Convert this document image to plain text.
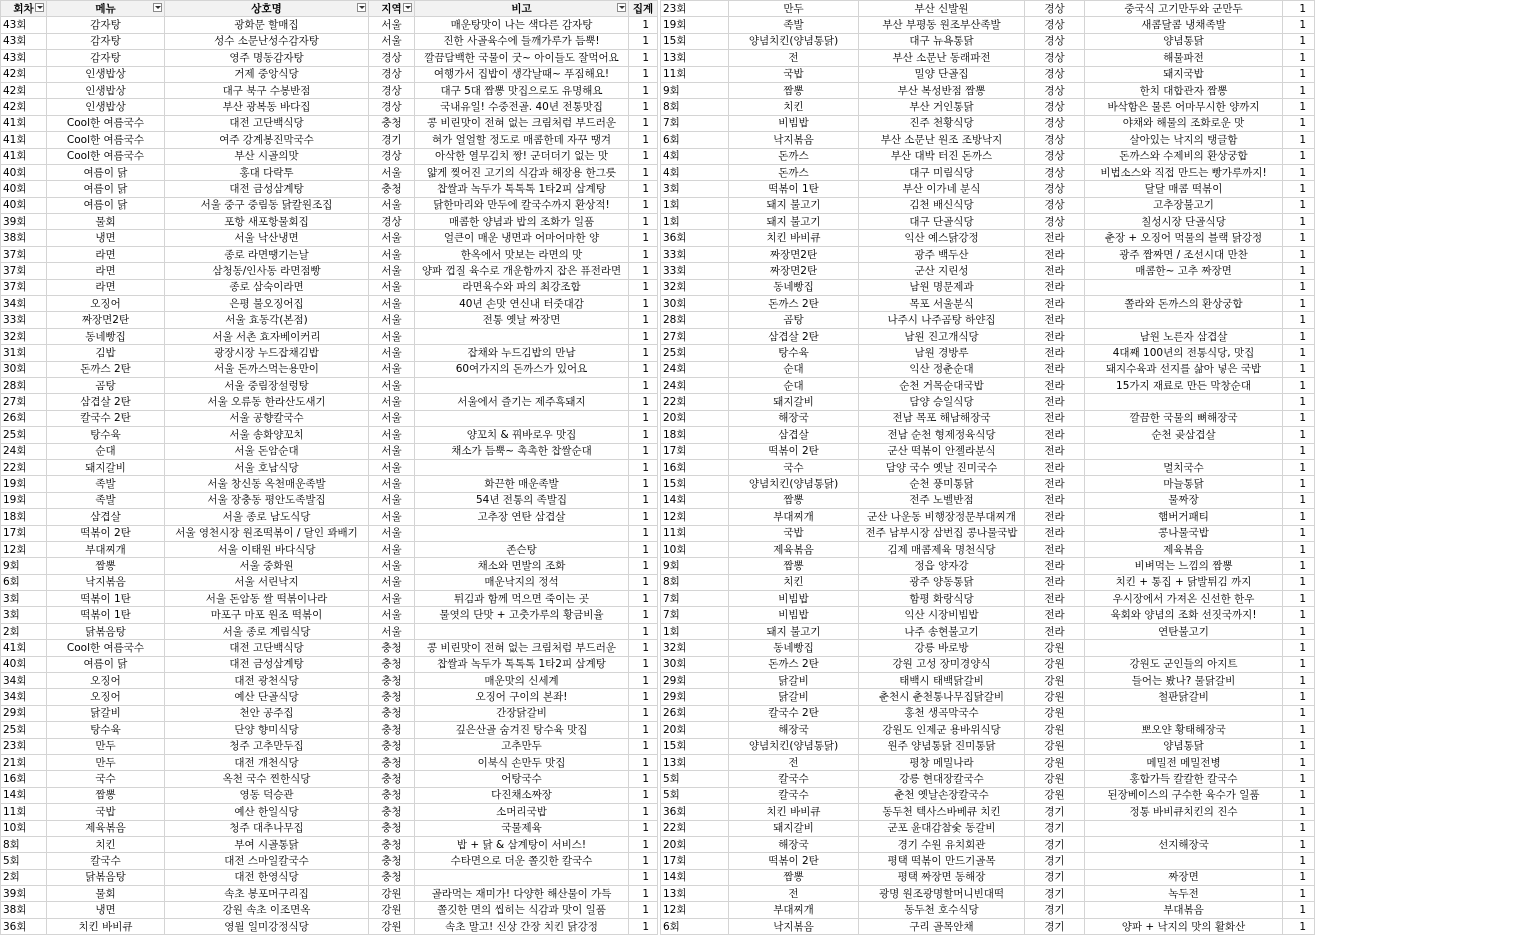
회차	메뉴	상호명	지역	비고	집계
43회	감자탕	광화문 할매집	서울	매운탕맛이 나는 색다른 감자탕	1
43회	감자탕	성수 소문난성수감자탕	서울	진한 사골육수에 들깨가루가 듬뿍!	1
43회	감자탕	영주 명동감자탕	경상	깔끔담백한 국물이 굿~ 아이들도 잘먹어요	1
42회	인생밥상	거제 중앙식당	경상	여행가서 집밥이 생각날때~ 푸짐해요!	1
42회	인생밥상	대구 북구 수봉반점	경상	대구 5대 짬뽕 맛집으로도 유명해요	1
42회	인생밥상	부산 광복동 바다집	경상	국내유일! 수중전골. 40년 전통맛집	1
41회	Cool한 여름국수	대전 고단백식당	충청	콩 비린맛이 전혀 없는 크림처럼 부드러운	1
41회	Cool한 여름국수	여주 강계봉진막국수	경기	혀가 얼얼할 정도로 매콤한데 자꾸 땡겨	1
41회	Cool한 여름국수	부산 시골의맛	경상	아삭한 열무김치 짱! 군더더기 없는 맛	1
40회	여름이 닭	홍대 다락투	서울	얇게 찢어진 고기의 식감과 해장용 한그릇	1
40회	여름이 닭	대전 금성삼계탕	충청	찹쌀과 녹두가 톡톡톡 1타2피 삼계탕	1
40회	여름이 닭	서울 중구 중림동 닭칼원조집	서울	닭한마리와 만두에 칼국수까지 환상적!	1
39회	물회	포항 새포항물회집	경상	매콤한 양념과 밥의 조화가 일품	1
38회	냉면	서울 낙산냉면	서울	얼큰이 매운 냉면과 어마어마한 양	1
37회	라면	종로 라면땡기는날	서울	한옥에서 맛보는 라면의 맛	1
37회	라면	삼청동/인사동 라면점빵	서울	양파 껍질 육수로 개운함까지 잡은 퓨전라면	1
37회	라면	종로 삼숙이라면	서울	라면육수와 파의 최강조합	1
34회	오징어	은평 불오징어집	서울	40년 손맛 연신내 터줏대감	1
33회	짜장면2탄	서울 효동각(본점)	서울	전통 옛날 짜장면	1
32회	동네빵집	서울 서촌 효자베이커리	서울		1
31회	김밥	광장시장 누드잡채김밥	서울	잡채와 누드김밥의 만남	1
30회	돈까스 2탄	서울 돈까스먹는용만이	서울	60여가지의 돈까스가 있어요	1
28회	곰탕	서울 중림장설렁탕	서울		1
27회	삼겹살 2탄	서울 오류동 한라산도새기	서울	서울에서 즐기는 제주흑돼지	1
26회	칼국수 2탄	서울 공향칼국수	서울		1
25회	탕수육	서울 송화양꼬치	서울	양꼬치 & 꿔바로우 맛집	1
24회	순대	서울 돈암순대	서울	채소가 듬뿍~ 촉촉한 찹쌀순대	1
22회	돼지갈비	서울 호남식당	서울		1
19회	족발	서울 창신동 옥천매운족발	서울	화끈한 매운족발	1
19회	족발	서울 장충동 평안도족발집	서울	54년 전통의 족발집	1
18회	삼겹살	서울 종로 남도식당	서울	고추장 연탄 삼겹살	1
17회	떡볶이 2탄	서울 영천시장 원조떡볶이 / 달인 꽈배기	서울		1
12회	부대찌개	서울 이태원 바다식당	서울	존슨탕	1
9회	짬뽕	서울 중화원	서울	채소와 면발의 조화	1
6회	낙지볶음	서울 서린낙지	서울	매운낙지의 정석	1
3회	떡볶이 1탄	서울 돈암동 쌀 떡볶이나라	서울	튀김과 함께 먹으면 죽이는 곳	1
3회	떡볶이 1탄	마포구 마포 원조 떡볶이	서울	물엿의 단맛 + 고춧가루의 황금비율	1
2회	닭볶음탕	서울 종로 계림식당	서울		1
41회	Cool한 여름국수	대전 고단백식당	충청	콩 비린맛이 전혀 없는 크림처럼 부드러운	1
40회	여름이 닭	대전 금성삼계탕	충청	찹쌀과 녹두가 톡톡톡 1타2피 삼계탕	1
34회	오징어	대전 광천식당	충청	매운맛의 신세계	1
34회	오징어	예산 단골식당	충청	오징어 구이의 본좌!	1
29회	닭갈비	천안 공주집	충청	간장닭갈비	1
25회	탕수육	단양 향미식당	충청	깊은산골 숨겨진 탕수육 맛집	1
23회	만두	청주 고추만두집	충청	고추만두	1
21회	만두	대전 개천식당	충청	이북식 손만두 맛집	1
16회	국수	옥천 국수 찐한식당	충청	어탕국수	1
14회	짬뽕	영동 덕승관	충청	다진채소짜장	1
11회	국밥	예산 한일식당	충청	소머리국밥	1
10회	제육볶음	청주 대추나무집	충청	국물제육	1
8회	치킨	부여 시골통닭	충청	밥 + 닭 & 삼계탕이 서비스!	1
5회	칼국수	대전 스마일칼국수	충청	수타면으로 더운 쫄깃한 칼국수	1
2회	닭볶음탕	대전 한영식당	충청		1
39회	물회	속초 봉포머구리집	강원	골라먹는 재미가! 다양한 해산물이 가득	1
38회	냉면	강원 속초 이조면옥	강원	쫄깃한 면의 씹히는 식감과 맛이 일품	1
36회	치킨 바비큐	영월 일미강정식당	강원	속초 말고! 신상 간장 치킨 닭강정	1
23회	만두	부산 신발원	경상	중국식 고기만두와 군만두	1
19회	족발	부산 부평동 원조부산족발	경상	새콤달콤 냉채족발	1
15회	양념치킨(양념통닭)	대구 뉴욕통닭	경상	양념통닭	1
13회	전	부산 소문난 동래파전	경상	해물파전	1
11회	국밥	밀양 단골집	경상	돼지국밥	1
9회	짬뽕	부산 복성반점 짬뽕	경상	한치 대합관자 짬뽕	1
8회	치킨	부산 거인통닭	경상	바삭함은 물론 어마무시한 양까지	1
7회	비빔밥	진주 천황식당	경상	야채와 해물의 조화로운 맛	1
6회	낙지볶음	부산 소문난 원조 조방낙지	경상	살아있는 낙지의 탱글함	1
4회	돈까스	부산 대박 터진 돈까스	경상	돈까스와 수제비의 환상궁합	1
4회	돈까스	대구 미림식당	경상	비법소스와 직접 만드는 빵가루까지!	1
3회	떡볶이 1탄	부산 이가네 분식	경상	달달 매콤 떡볶이	1
1회	돼지 불고기	김천 배신식당	경상	고추장불고기	1
1회	돼지 불고기	대구 단골식당	경상	칠성시장 단골식당	1
36회	치킨 바비큐	익산 예스닭강정	전라	춘장 + 오징어 먹물의 블랙 닭강정	1
33회	짜장면2탄	광주 백두산	전라	광주 짬짜면 / 조선시대 만찬	1
33회	짜장면2탄	군산 지린성	전라	매콤한~ 고추 짜장면	1
32회	동네빵집	남원 명문제과	전라		1
30회	돈까스 2탄	목포 서울분식	전라	쫄라와 돈까스의 환상궁합	1
28회	곰탕	나주시 나주곰탕 하얀집	전라		1
27회	삼겹살 2탄	남원 진고개식당	전라	남원 노른자 삼겹살	1
25회	탕수육	남원 경방루	전라	4대째 100년의 전통식당, 맛집	1
24회	순대	익산 정춘순대	전라	돼지수육과 선지를 삶아 넣은 국밥	1
24회	순대	순천 거목순대국밥	전라	15가지 재료로 만든 막창순대	1
22회	돼지갈비	담양 승일식당	전라		1
20회	해장국	전남 목포 해남해장국	전라	깔끔한 국물의 뼈해장국	1
18회	삼겹살	전남 순천 형제정육식당	전라	순천 곶삼겹살	1
17회	떡볶이 2탄	군산 떡볶이 안젤라분식	전라		1
16회	국수	담양 국수 옛날 진미국수	전라	멸치국수	1
15회	양념치킨(양념통닭)	순천 풍미통닭	전라	마늘통닭	1
14회	짬뽕	전주 노벨반점	전라	물짜장	1
12회	부대찌개	군산 나운동 비행장정문부대찌개	전라	햄버거패티	1
11회	국밥	전주 남부시장 삼번집 콩나물국밥	전라	콩나물국밥	1
10회	제육볶음	김제 매콤제육 명천식당	전라	제육볶음	1
9회	짬뽕	정읍 양자강	전라	비벼먹는 느낌의 짬뽕	1
8회	치킨	광주 양동통닭	전라	치킨 + 통집 + 닭발튀김 까지	1
7회	비빔밥	함평 화랑식당	전라	우시장에서 가져온 신선한 한우	1
7회	비빔밥	익산 시장비빔밥	전라	육회와 양념의 조화 선짓국까지!	1
1회	돼지 불고기	나주 송현불고기	전라	연탄불고기	1
32회	동네빵집	강릉 바로방	강원		1
30회	돈까스 2탄	강원 고성 장미경양식	강원	강원도 군인들의 아지트	1
29회	닭갈비	태백시 태백닭갈비	강원	들어는 봤나? 물닭갈비	1
29회	닭갈비	춘천시 춘천통나무집닭갈비	강원	철판닭갈비	1
26회	칼국수 2탄	홍천 생곡막국수	강원		1
20회	해장국	강원도 인제군 용바위식당	강원	뽀오얀 황태해장국	1
15회	양념치킨(양념통닭)	원주 양념통닭 진미통닭	강원	양념통닭	1
13회	전	평창 메밀나라	강원	메밀전 메밀전병	1
5회	칼국수	강릉 현대장칼국수	강원	홍합가득 칼칼한 칼국수	1
5회	칼국수	춘천 옛날손장칼국수	강원	된장베이스의 구수한 육수가 일품	1
36회	치킨 바비큐	동두천 텍사스바베큐 치킨	경기	정통 바비큐치킨의 진수	1
22회	돼지갈비	군포 윤대감참숯 동갈비	경기		1
20회	해장국	경기 수원 유치회관	경기	선지해장국	1
17회	떡볶이 2탄	평택 떡볶이 만드기골목	경기		1
14회	짬뽕	평택 짜장면 동해장	경기	짜장면	1
13회	전	광명 원조광명할머니빈대떡	경기	녹두전	1
12회	부대찌개	동두천 호수식당	경기	부대볶음	1
6회	낙지볶음	구리 골목안채	경기	양파 + 낙지의 맛의 활화산	1
